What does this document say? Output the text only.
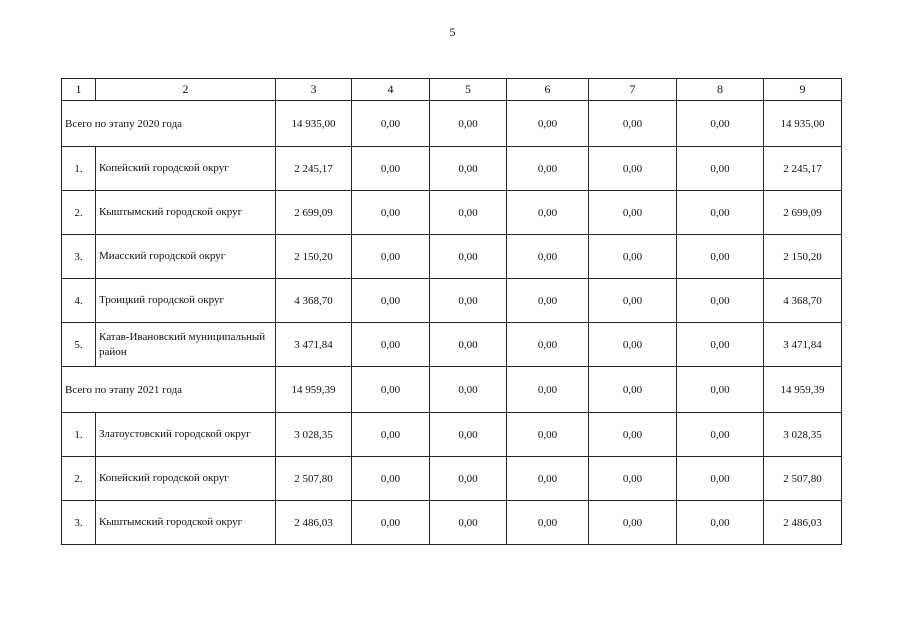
5
1	2	3	4	5	6	7	8	9
Всего по этапу 2020 года		14 935,00	0,00	0,00	0,00	0,00	0,00	14 935,00
1.	Копейский городской округ	2 245,17	0,00	0,00	0,00	0,00	0,00	2 245,17
2.	Кыштымский городской округ	2 699,09	0,00	0,00	0,00	0,00	0,00	2 699,09
3.	Миасский городской округ	2 150,20	0,00	0,00	0,00	0,00	0,00	2 150,20
4.	Троицкий городской округ	4 368,70	0,00	0,00	0,00	0,00	0,00	4 368,70
5.	Катав-Ивановский муниципальный район	3 471,84	0,00	0,00	0,00	0,00	0,00	3 471,84
Всего по этапу 2021 года		14 959,39	0,00	0,00	0,00	0,00	0,00	14 959,39
1.	Златоустовский городской округ	3 028,35	0,00	0,00	0,00	0,00	0,00	3 028,35
2.	Копейский городской округ	2 507,80	0,00	0,00	0,00	0,00	0,00	2 507,80
3.	Кыштымский городской округ	2 486,03	0,00	0,00	0,00	0,00	0,00	2 486,03
